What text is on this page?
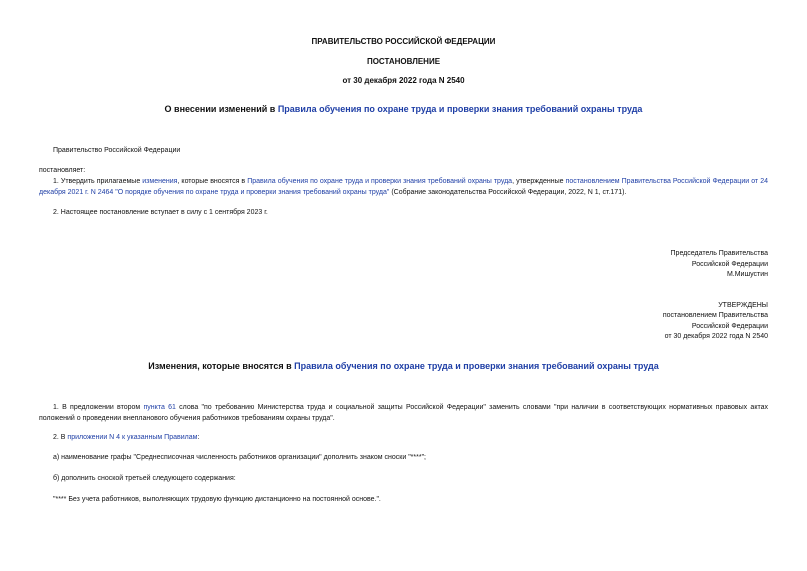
ПРАВИТЕЛЬСТВО РОССИЙСКОЙ ФЕДЕРАЦИИ
ПОСТАНОВЛЕНИЕ
от 30 декабря 2022 года N 2540
О внесении изменений в Правила обучения по охране труда и проверки знания требований охраны труда
Правительство Российской Федерации
постановляет:
1. Утвердить прилагаемые изменения, которые вносятся в Правила обучения по охране труда и проверки знания требований охраны труда, утвержденные постановлением Правительства Российской Федерации от 24 декабря 2021 г. N 2464 "О порядке обучения по охране труда и проверки знания требований охраны труда" (Собрание законодательства Российской Федерации, 2022, N 1, ст.171).
2. Настоящее постановление вступает в силу с 1 сентября 2023 г.
Председатель Правительства
Российской Федерации
М.Мишустин
УТВЕРЖДЕНЫ
постановлением Правительства
Российской Федерации
от 30 декабря 2022 года N 2540
Изменения, которые вносятся в Правила обучения по охране труда и проверки знания требований охраны труда
1. В предложении втором пункта 61 слова "по требованию Министерства труда и социальной защиты Российской Федерации" заменить словами "при наличии в соответствующих нормативных правовых актах положений о проведении внепланового обучения работников требованиям охраны труда".
2. В приложении N 4 к указанным Правилам:
а) наименование графы "Среднесписочная численность работников организации" дополнить знаком сноски "****";
б) дополнить сноской третьей следующего содержания:
"**** Без учета работников, выполняющих трудовую функцию дистанционно на постоянной основе.".
